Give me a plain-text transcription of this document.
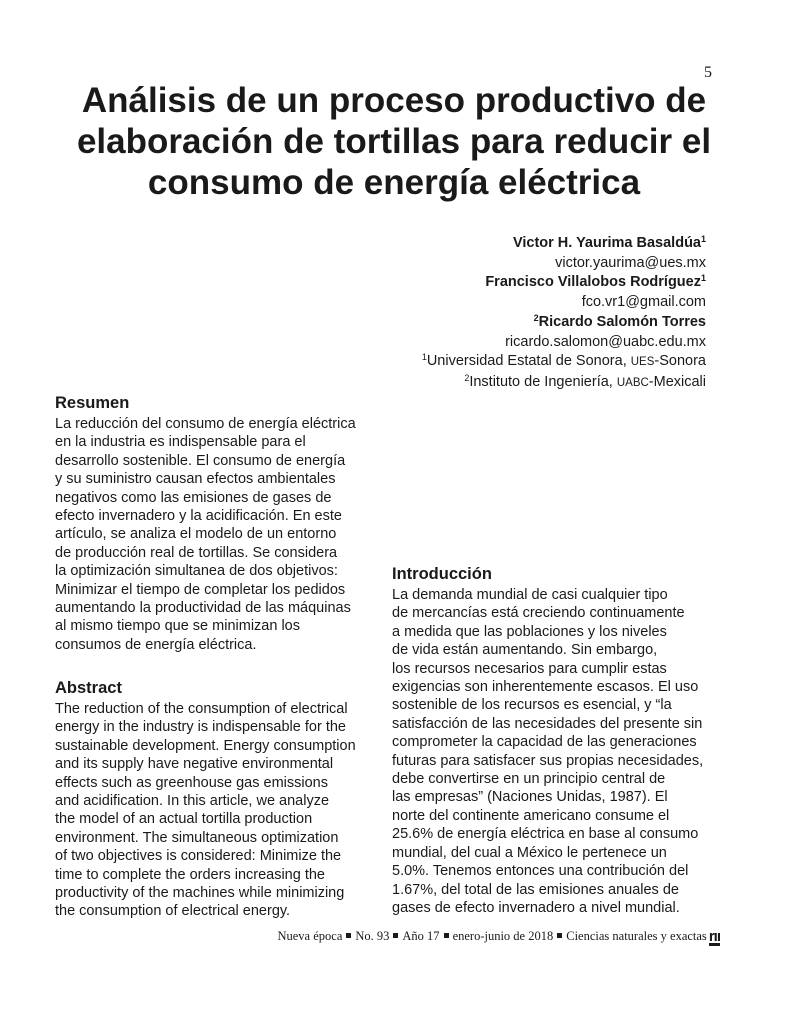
5
Análisis de un proceso productivo de
elaboración de tortillas para reducir el
consumo de energía eléctrica
Victor H. Yaurima Basaldúa$^1$
victor.yaurima@ues.mx
Francisco Villalobos Rodríguez$^1$
fco.vr1@gmail.com
$^2$Ricardo Salomón Torres
ricardo.salomon@uabc.edu.mx
$^1$Universidad Estatal de Sonora, UES-Sonora
$^2$Instituto de Ingeniería, UABC-Mexicali
Resumen
La reducción del consumo de energía eléctrica
en la industria es indispensable para el
desarrollo sostenible. El consumo de energía
y su suministro causan efectos ambientales
negativos como las emisiones de gases de
efecto invernadero y la acidificación. En este
artículo, se analiza el modelo de un entorno
de producción real de tortillas. Se considera
la optimización simultanea de dos objetivos:
Minimizar el tiempo de completar los pedidos
aumentando la productividad de las máquinas
al mismo tiempo que se minimizan los
consumos de energía eléctrica.
Abstract
The reduction of the consumption of electrical
energy in the industry is indispensable for the
sustainable development. Energy consumption
and its supply have negative environmental
effects such as greenhouse gas emissions
and acidification. In this article, we analyze
the model of an actual tortilla production
environment. The simultaneous optimization
of two objectives is considered: Minimize the
time to complete the orders increasing the
productivity of the machines while minimizing
the consumption of electrical energy.
Introducción
La demanda mundial de casi cualquier tipo
de mercancías está creciendo continuamente
a medida que las poblaciones y los niveles
de vida están aumentando. Sin embargo,
los recursos necesarios para cumplir estas
exigencias son inherentemente escasos. El uso
sostenible de los recursos es esencial, y “la
satisfacción de las necesidades del presente sin
comprometer la capacidad de las generaciones
futuras para satisfacer sus propias necesidades,
debe convertirse en un principio central de
las empresas” (Naciones Unidas, 1987). El
norte del continente americano consume el
25.6% de energía eléctrica en base al consumo
mundial, del cual a México le pertenece un
5.0%. Tenemos entonces una contribución del
1.67%, del total de las emisiones anuales de
gases de efecto invernadero a nivel mundial.
Nueva época No. 93 Año 17 enero-junio de 2018 Ciencias naturales y exactas rıı
